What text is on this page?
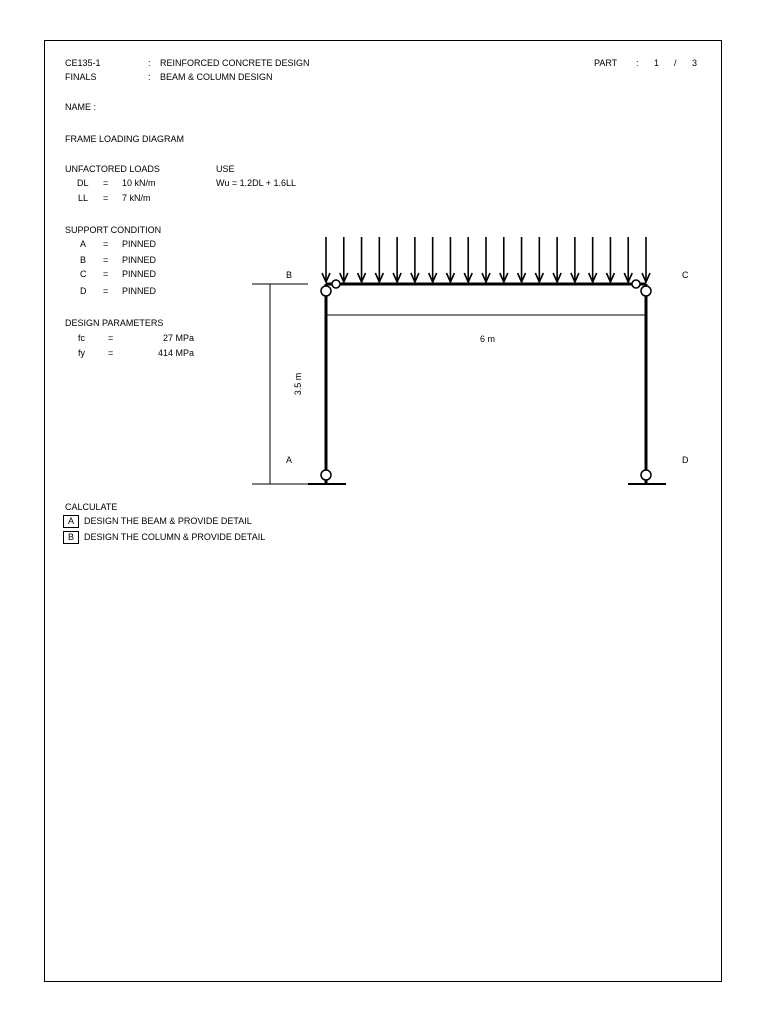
CE135-1	: REINFORCED CONCRETE DESIGN
FINALS	: BEAM & COLUMN DESIGN
PART : 1 / 3
NAME :
FRAME LOADING DIAGRAM
UNFACTORED LOADS	USE
Wu = 1.2DL + 1.6LL
DL = 10 kN/m
LL = 7 kN/m
SUPPORT CONDITION
A = PINNED
B = PINNED
C = PINNED
D = PINNED
DESIGN PARAMETERS
fc	=	27 MPa
fy	=	414 MPa
B	C
A	D
6 m
3.5 m
CALCULATE
A	DESIGN THE BEAM & PROVIDE DETAIL
B	DESIGN THE COLUMN & PROVIDE DETAIL
